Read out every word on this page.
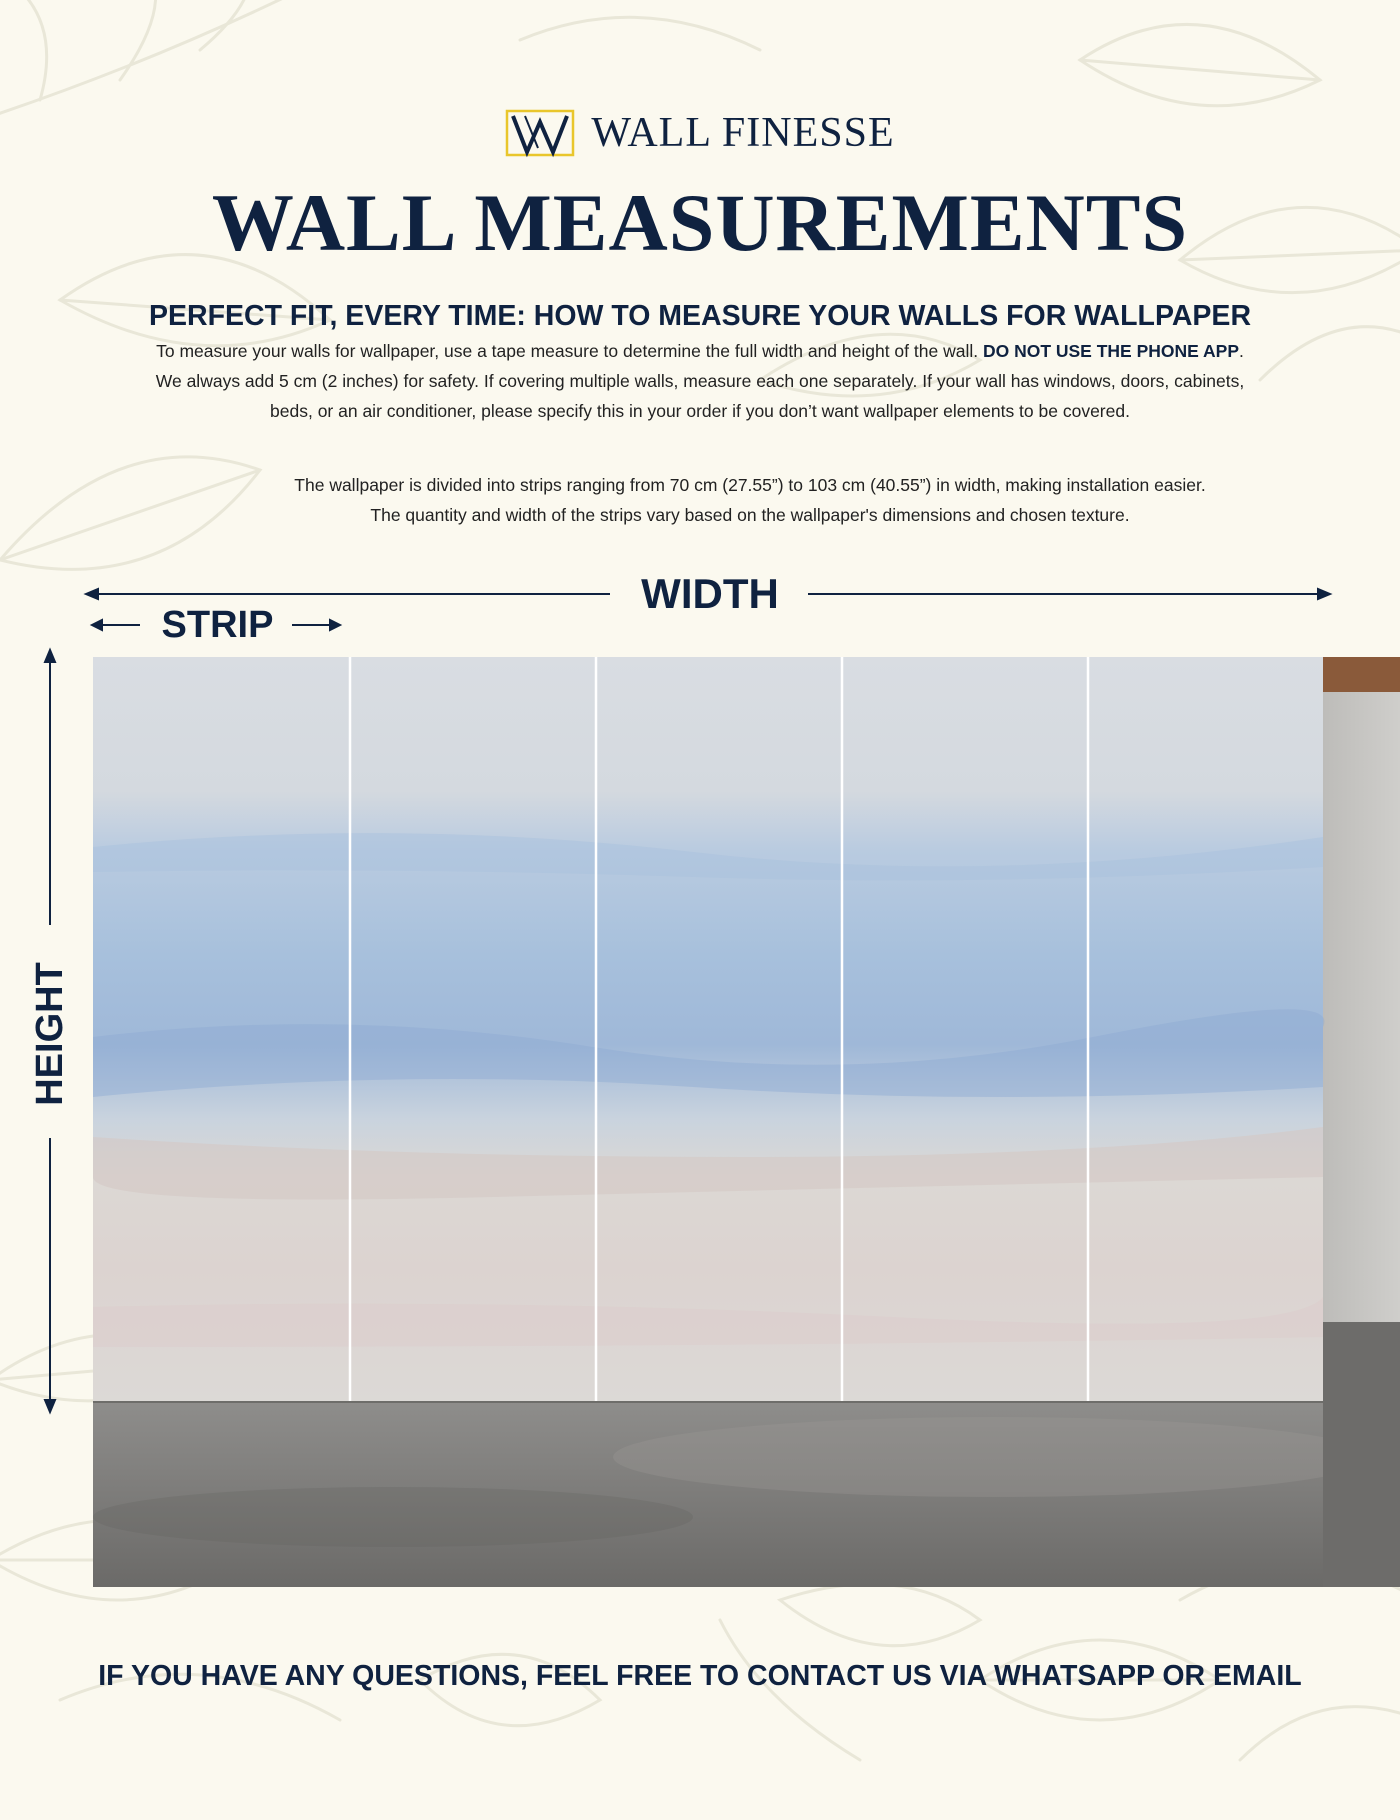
WALL FINESSE
WALL MEASUREMENTS
PERFECT FIT, EVERY TIME: HOW TO MEASURE YOUR WALLS FOR WALLPAPER
To measure your walls for wallpaper, use a tape measure to determine the full width and height of the wall. DO NOT USE THE PHONE APP.
We always add 5 cm (2 inches) for safety. If covering multiple walls, measure each one separately. If your wall has windows, doors, cabinets,
beds, or an air conditioner, please specify this in your order if you don’t want wallpaper elements to be covered.
The wallpaper is divided into strips ranging from 70 cm (27.55”) to 103 cm (40.55”) in width, making installation easier.
The quantity and width of the strips vary based on the wallpaper's dimensions and chosen texture.
WIDTH
STRIP
HEIGHT
IF YOU HAVE ANY QUESTIONS, FEEL FREE TO CONTACT US VIA WHATSAPP OR EMAIL
